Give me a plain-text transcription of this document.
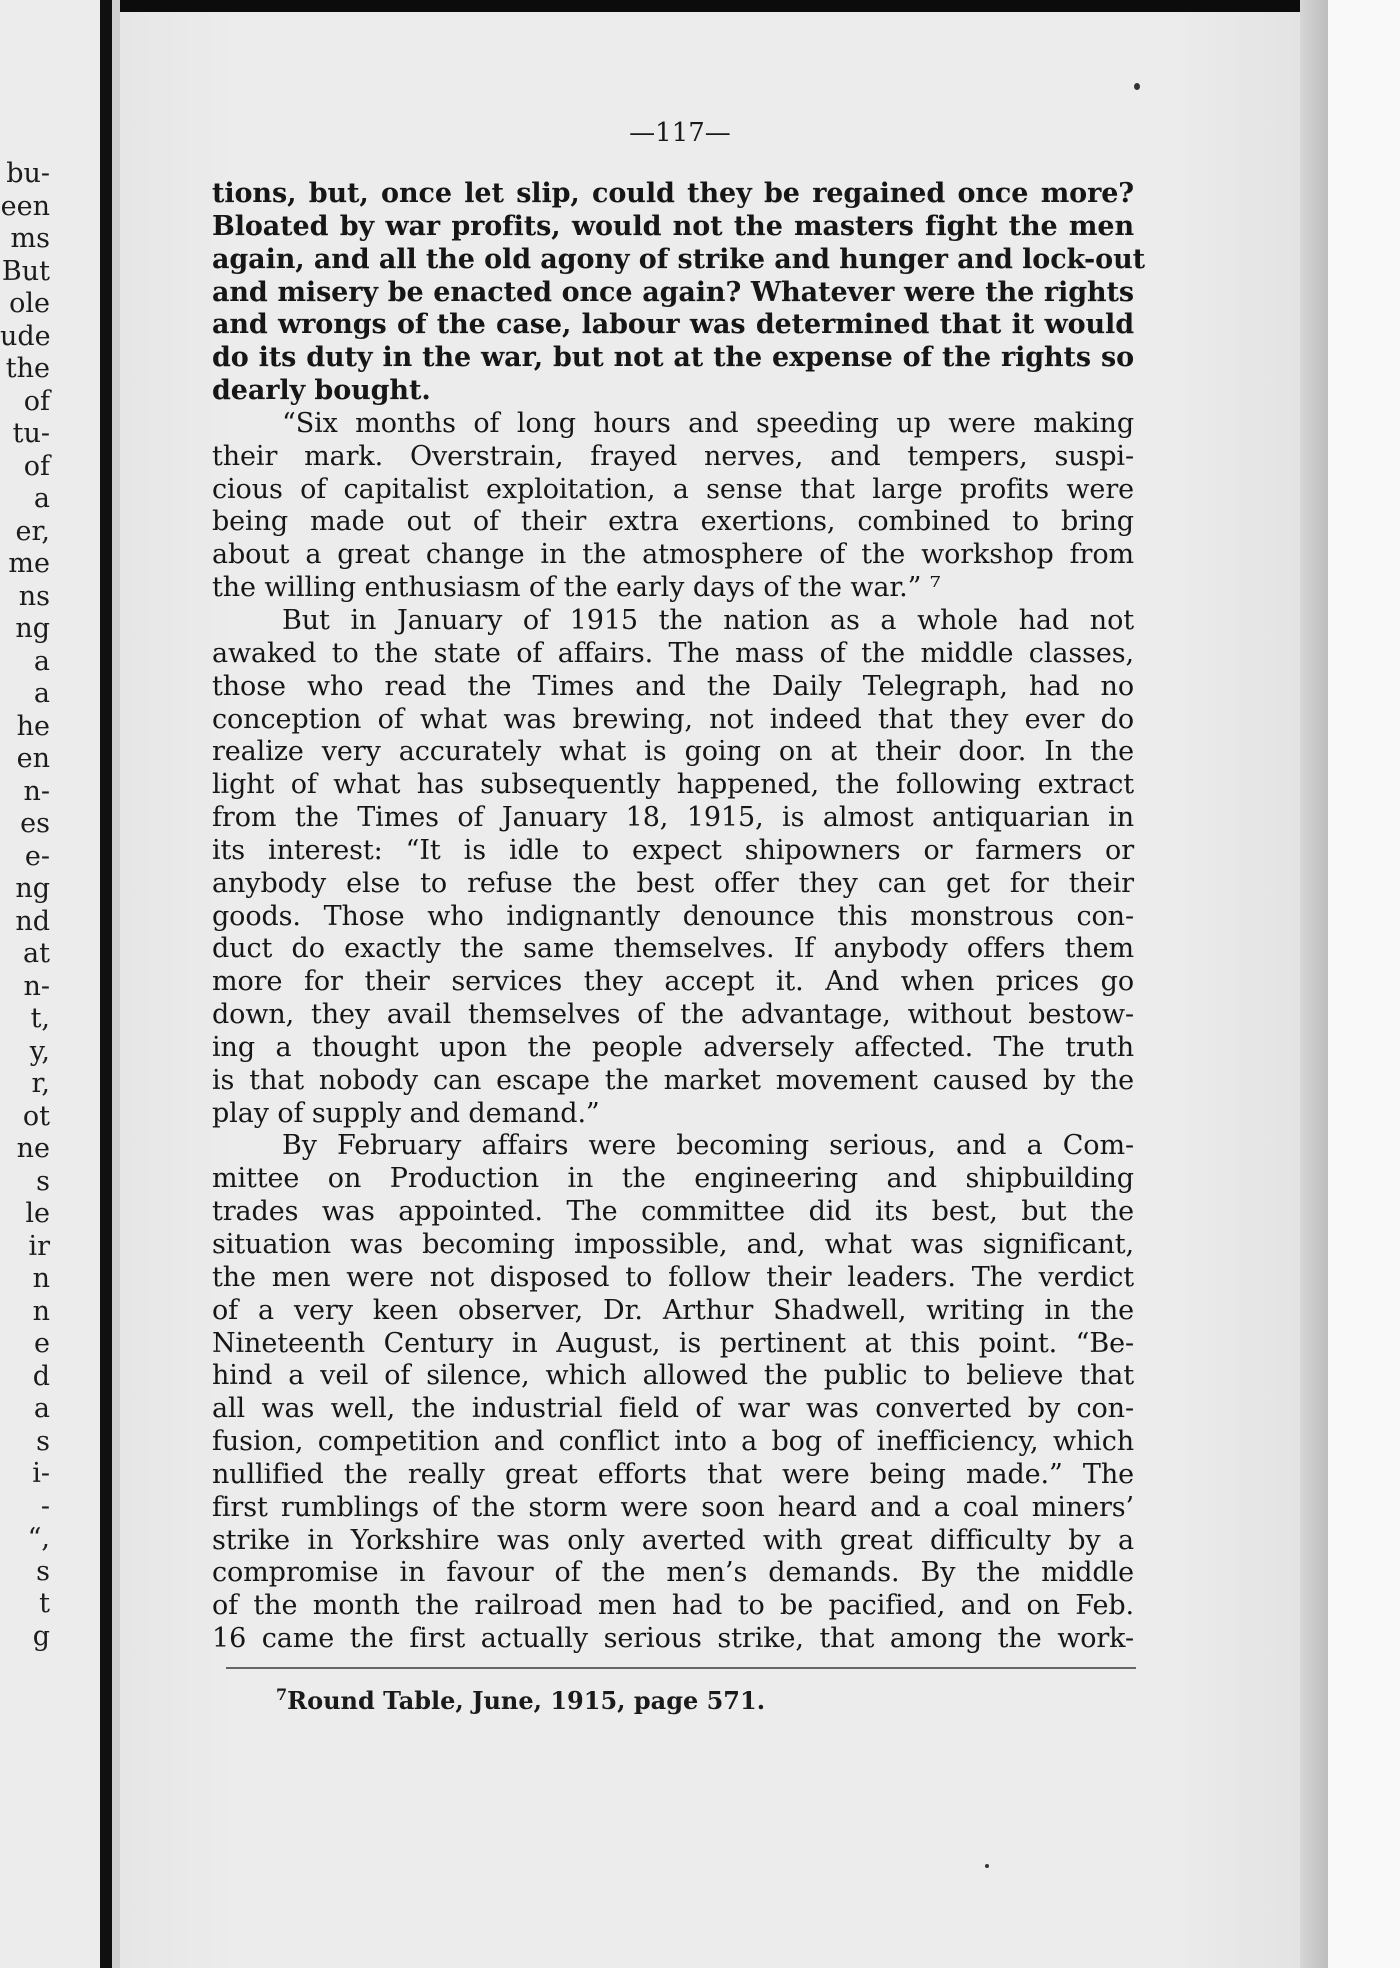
bu-
een
ms
But
ole
ude
the
of
tu-
of
a
er,
me
ns
ng
a
a
he
en
n-
es
e-
ng
nd
at
n-
t,
y,
r,
ot
ne
s
le
ir
n
n
e
d
a
s
i-
-
“,
s
t
g
—117—
tions, but, once let slip, could they be regained once more?
Bloated by war profits, would not the masters fight the men
again, and all the old agony of strike and hunger and lock-out
and misery be enacted once again? Whatever were the rights
and wrongs of the case, labour was determined that it would
do its duty in the war, but not at the expense of the rights so
dearly bought.
“Six months of long hours and speeding up were making
their mark. Overstrain, frayed nerves, and tempers, suspi-
cious of capitalist exploitation, a sense that large profits were
being made out of their extra exertions, combined to bring
about a great change in the atmosphere of the workshop from
the willing enthusiasm of the early days of the war.” ⁷
But in January of 1915 the nation as a whole had not
awaked to the state of affairs. The mass of the middle classes,
those who read the Times and the Daily Telegraph, had no
conception of what was brewing, not indeed that they ever do
realize very accurately what is going on at their door. In the
light of what has subsequently happened, the following extract
from the Times of January 18, 1915, is almost antiquarian in
its interest: “It is idle to expect shipowners or farmers or
anybody else to refuse the best offer they can get for their
goods. Those who indignantly denounce this monstrous con-
duct do exactly the same themselves. If anybody offers them
more for their services they accept it. And when prices go
down, they avail themselves of the advantage, without bestow-
ing a thought upon the people adversely affected. The truth
is that nobody can escape the market movement caused by the
play of supply and demand.”
By February affairs were becoming serious, and a Com-
mittee on Production in the engineering and shipbuilding
trades was appointed. The committee did its best, but the
situation was becoming impossible, and, what was significant,
the men were not disposed to follow their leaders. The verdict
of a very keen observer, Dr. Arthur Shadwell, writing in the
Nineteenth Century in August, is pertinent at this point. “Be-
hind a veil of silence, which allowed the public to believe that
all was well, the industrial field of war was converted by con-
fusion, competition and conflict into a bog of inefficiency, which
nullified the really great efforts that were being made.” The
first rumblings of the storm were soon heard and a coal miners’
strike in Yorkshire was only averted with great difficulty by a
compromise in favour of the men’s demands. By the middle
of the month the railroad men had to be pacified, and on Feb.
16 came the first actually serious strike, that among the work-
$^7$Round Table, June, 1915, page 571.
